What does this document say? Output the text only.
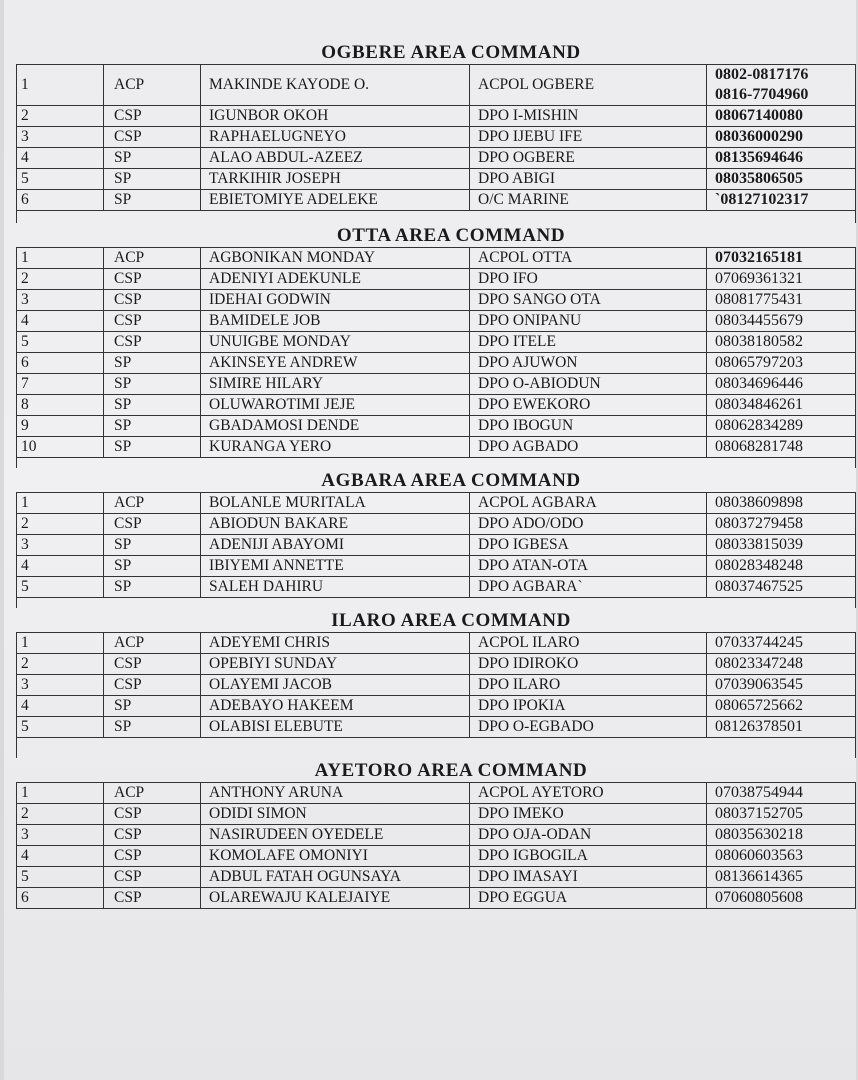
OGBERE AREA COMMAND
1	ACP	MAKINDE KAYODE O.	ACPOL OGBERE	0802-0817176
0816-7704960

2	CSP	IGUNBOR OKOH	DPO I-MISHIN	08067140080
3	CSP	RAPHAELUGNEYO	DPO IJEBU IFE	08036000290
4	SP	ALAO ABDUL-AZEEZ	DPO OGBERE	08135694646
5	SP	TARKIHIR JOSEPH	DPO ABIGI	08035806505
6	SP	EBIETOMIYE ADELEKE	O/C MARINE	`08127102317
OTTA AREA COMMAND
1	ACP	AGBONIKAN MONDAY	ACPOL OTTA	07032165181
2	CSP	ADENIYI ADEKUNLE	DPO IFO	07069361321
3	CSP	IDEHAI GODWIN	DPO SANGO OTA	08081775431
4	CSP	BAMIDELE JOB	DPO ONIPANU	08034455679
5	CSP	UNUIGBE MONDAY	DPO ITELE	08038180582
6	SP	AKINSEYE ANDREW	DPO AJUWON	08065797203
7	SP	SIMIRE HILARY	DPO O-ABIODUN	08034696446
8	SP	OLUWAROTIMI JEJE	DPO EWEKORO	08034846261
9	SP	GBADAMOSI DENDE	DPO IBOGUN	08062834289
10	SP	KURANGA YERO	DPO AGBADO	08068281748
AGBARA AREA COMMAND
1	ACP	BOLANLE MURITALA	ACPOL AGBARA	08038609898
2	CSP	ABIODUN BAKARE	DPO ADO/ODO	08037279458
3	SP	ADENIJI ABAYOMI	DPO IGBESA	08033815039
4	SP	IBIYEMI ANNETTE	DPO ATAN-OTA	08028348248
5	SP	SALEH DAHIRU	DPO AGBARA`	08037467525
ILARO AREA COMMAND
1	ACP	ADEYEMI CHRIS	ACPOL ILARO	07033744245
2	CSP	OPEBIYI SUNDAY	DPO IDIROKO	08023347248
3	CSP	OLAYEMI JACOB	DPO ILARO	07039063545
4	SP	ADEBAYO HAKEEM	DPO IPOKIA	08065725662
5	SP	OLABISI ELEBUTE	DPO O-EGBADO	08126378501
AYETORO AREA COMMAND
1	ACP	ANTHONY ARUNA	ACPOL AYETORO	07038754944
2	CSP	ODIDI SIMON	DPO IMEKO	08037152705
3	CSP	NASIRUDEEN OYEDELE	DPO OJA-ODAN	08035630218
4	CSP	KOMOLAFE OMONIYI	DPO IGBOGILA	08060603563
5	CSP	ADBUL FATAH OGUNSAYA	DPO IMASAYI	08136614365
6	CSP	OLAREWAJU KALEJAIYE	DPO EGGUA	07060805608
